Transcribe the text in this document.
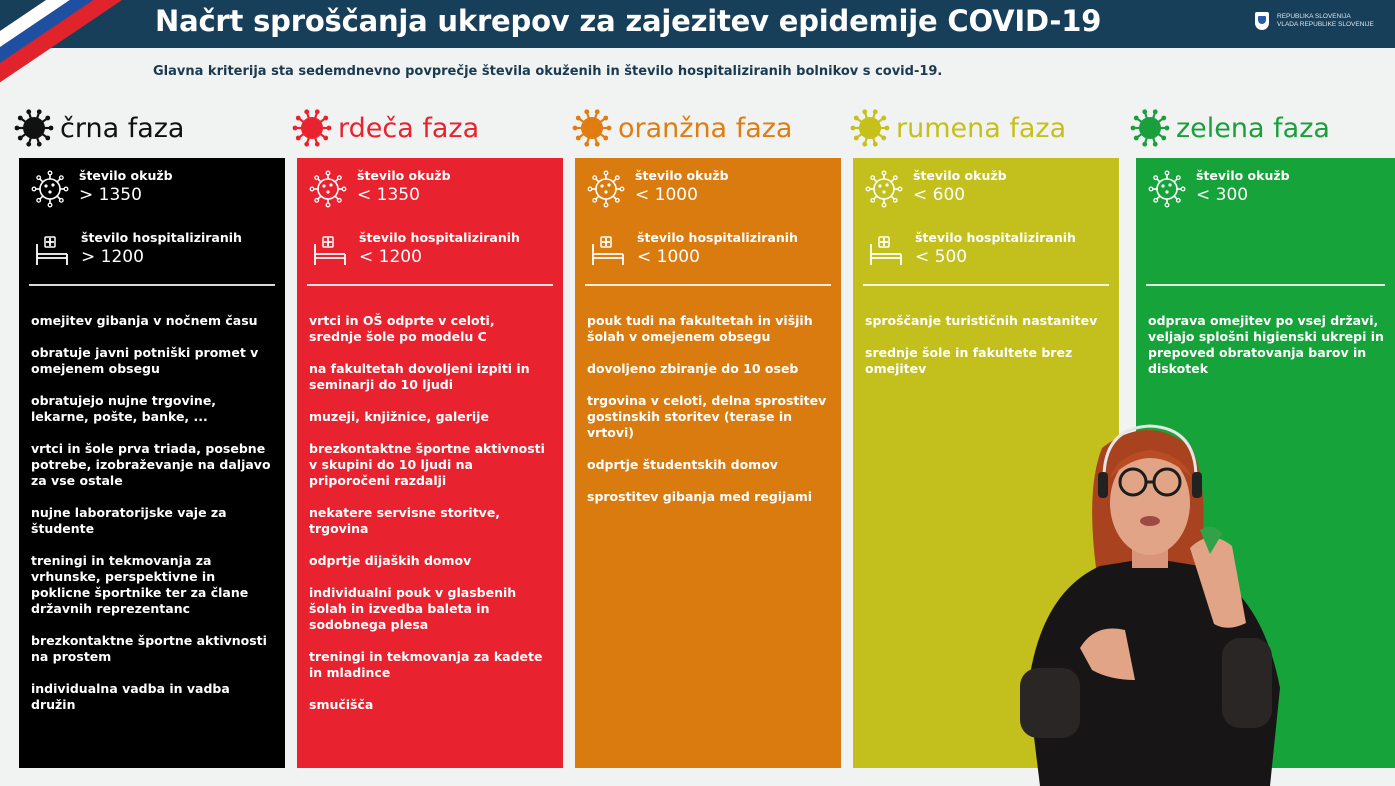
Načrt sproščanja ukrepov za zajezitev epidemije COVID-19	REPUBLIKA SLOVENIJA
VLADA REPUBLIKE SLOVENIJE
Glavna kriterija sta sedemdnevno povprečje števila okuženih in število hospitaliziranih bolnikov s covid-19.
črna faza
število okužb
> 1350
število hospitaliziranih
> 1200
omejitev gibanja v nočnem času
obratuje javni potniški promet v omejenem obsegu
obratujejo nujne trgovine, lekarne, pošte, banke, ...
vrtci in šole prva triada, posebne potrebe, izobraževanje na daljavo za vse ostale
nujne laboratorijske vaje za študente
treningi in tekmovanja za vrhunske, perspektivne in poklicne športnike ter za člane državnih reprezentanc
brezkontaktne športne aktivnosti na prostem
individualna vadba in vadba družin
rdeča faza
število okužb
< 1350
število hospitaliziranih
< 1200
vrtci in OŠ odprte v celoti, srednje šole po modelu C
na fakultetah dovoljeni izpiti in seminarji do 10 ljudi
muzeji, knjižnice, galerije
brezkontaktne športne aktivnosti v skupini do 10 ljudi na priporočeni razdalji
nekatere servisne storitve, trgovina
odprtje dijaških domov
individualni pouk v glasbenih šolah in izvedba baleta in sodobnega plesa
treningi in tekmovanja za kadete in mladince
smučišča
oranžna faza
število okužb
< 1000
število hospitaliziranih
< 1000
pouk tudi na fakultetah in višjih šolah v omejenem obsegu
dovoljeno zbiranje do 10 oseb
trgovina v celoti, delna sprostitev gostinskih storitev (terase in vrtovi)
odprtje študentskih domov
sprostitev gibanja med regijami
rumena faza
število okužb
< 600
število hospitaliziranih
< 500
sproščanje turističnih nastanitev
srednje šole in fakultete brez omejitev
zelena faza
število okužb
< 300
odprava omejitev po vsej državi, veljajo splošni higienski ukrepi in prepoved obratovanja barov in diskotek
